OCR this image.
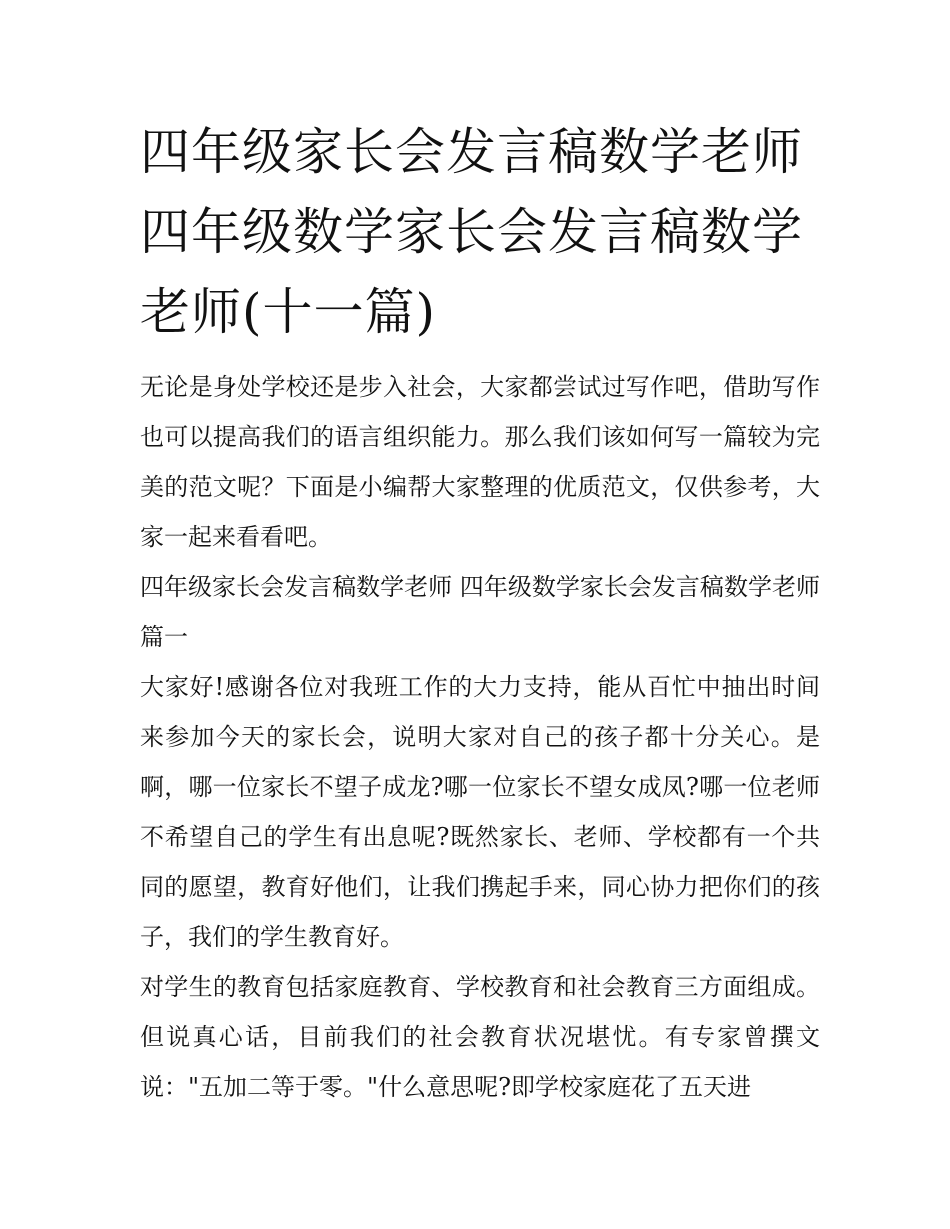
四年级家长会发言稿数学老师 四年级数学家长会发言稿数学老师(十一篇)

无论是身处学校还是步入社会，大家都尝试过写作吧，借助写作也可以提高我们的语言组织能力。那么我们该如何写一篇较为完美的范文呢？下面是小编帮大家整理的优质范文，仅供参考，大家一起来看看吧。

四年级家长会发言稿数学老师 四年级数学家长会发言稿数学老师篇一

大家好!感谢各位对我班工作的大力支持，能从百忙中抽出时间来参加今天的家长会，说明大家对自己的孩子都十分关心。是啊，哪一位家长不望子成龙?哪一位家长不望女成凤?哪一位老师不希望自己的学生有出息呢?既然家长、老师、学校都有一个共同的愿望，教育好他们，让我们携起手来，同心协力把你们的孩子，我们的学生教育好。

对学生的教育包括家庭教育、学校教育和社会教育三方面组成。但说真心话，目前我们的社会教育状况堪忧。有专家曾撰文说："五加二等于零。"什么意思呢?即学校家庭花了五天进
